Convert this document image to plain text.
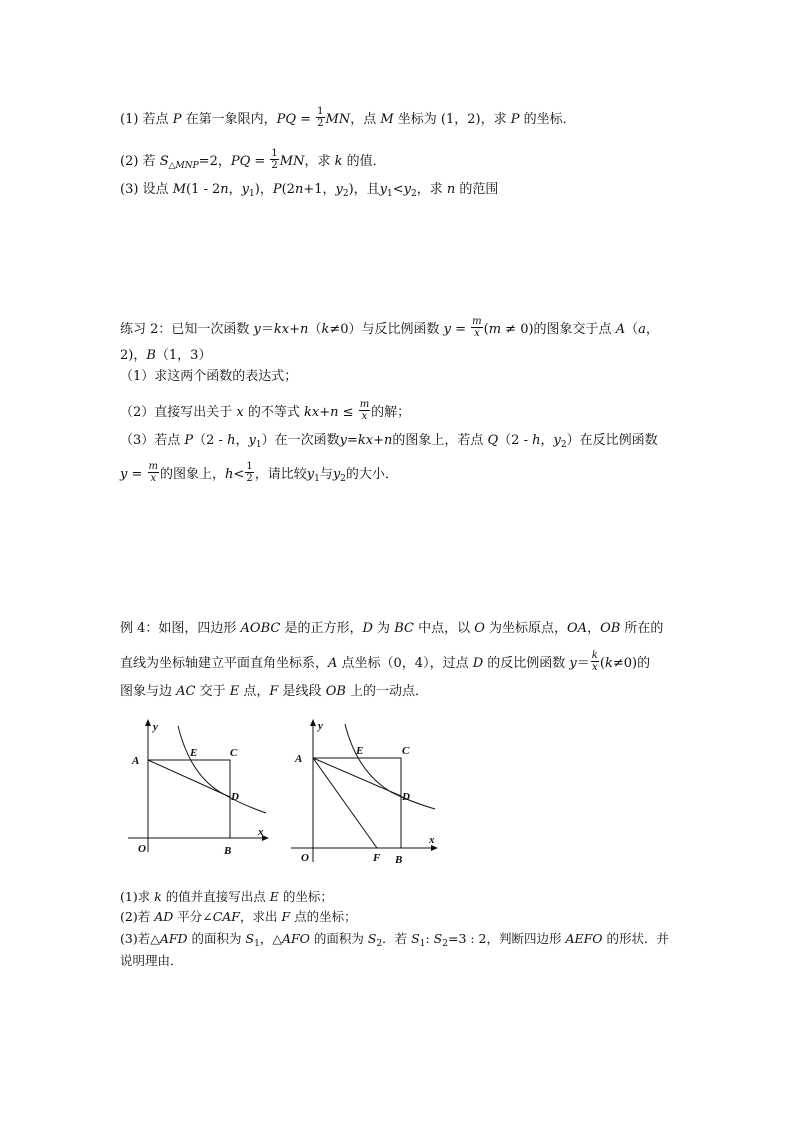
(1) 若点 P 在第一象限内，PQ = $\frac{1}{2}$ MN，点 M 坐标为 (1，2)，求 P 的坐标．
(2) 若 $S_{\triangle MNP}=2$，PQ = $\frac{1}{2}$ MN，求 k 的值．
(3) 设点 M(1 - 2n，$y_1$)，P(2n+1，$y_2$)，且$y_1<y_2$，求 n 的范围
练习 2：已知一次函数 y＝kx+n（k≠0）与反比例函数 $y = \frac{m}{x} (m \ne 0)$的图象交于点 A（a，
2)，B（1，3）
（1）求这两个函数的表达式；
（2）直接写出关于 x 的不等式 $kx+n \le \frac{m}{x}$ 的解；
（3）若点 P（2 - h，$y_1$）在一次函数y=kx+n的图象上，若点 Q（2 - h，$y_2$）在反比例函数
$y = \frac{m}{x}$ 的图象上，$h< \frac{1}{2}$ ，请比较$y_1$与$y_2$的大小．
例 4：如图，四边形 AOBC 是的正方形，D 为 BC 中点，以 O 为坐标原点，OA，OB 所在的
直线为坐标轴建立平面直角坐标系，A 点坐标（0，4），过点 D 的反比例函数 $y= \frac{k}{x} (k\ne 0)$的
图象与边 AC 交于 E 点，F 是线段 OB 上的一动点．
y
x
A
E	C
D
O	B
y
x
A
E	C
D
O	F B
(1)求 k 的值并直接写出点 E 的坐标；
(2)若 AD 平分∠CAF，求出 F 点的坐标；
(3)若△AFD 的面积为 $S_1$，△AFO 的面积为 $S_2$．若 $S_1$: $S_2=3$ : 2，判断四边形 AEFO 的形状．并
说明理由．
